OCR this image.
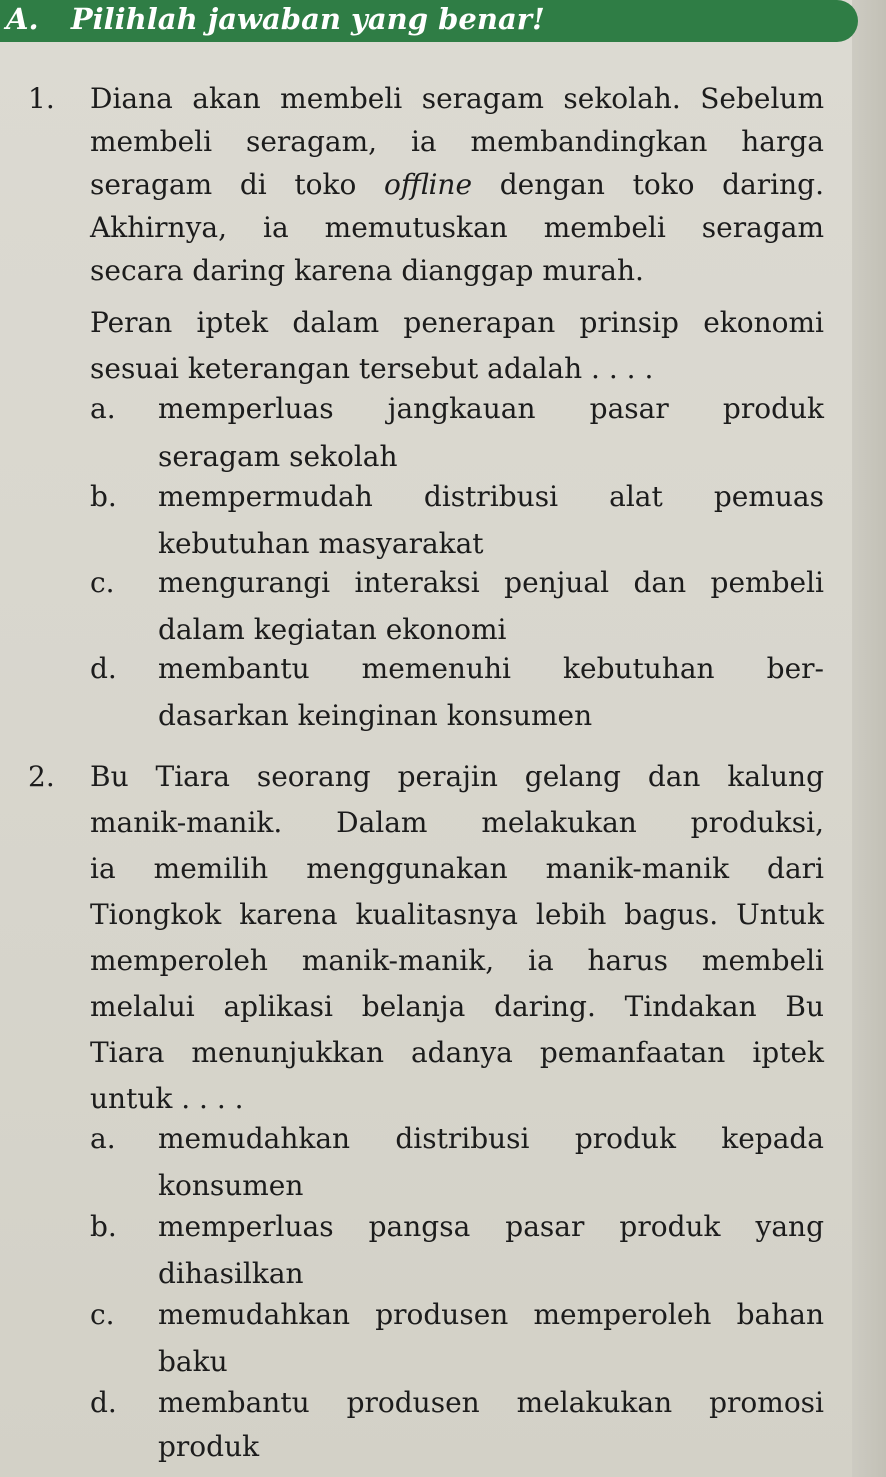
A. Pilihlah jawaban yang benar!
1. Diana akan membeli seragam sekolah. Sebelum
membeli seragam, ia membandingkan harga
seragam di toko offline dengan toko daring.
Akhirnya, ia memutuskan membeli seragam
secara daring karena dianggap murah.
Peran iptek dalam penerapan prinsip ekonomi
sesuai keterangan tersebut adalah . . . .
a. memperluas jangkauan pasar produk
seragam sekolah
b. mempermudah distribusi alat pemuas
kebutuhan masyarakat
c. mengurangi interaksi penjual dan pembeli
dalam kegiatan ekonomi
d. membantu memenuhi kebutuhan ber-
dasarkan keinginan konsumen
2. Bu Tiara seorang perajin gelang dan kalung
manik-manik. Dalam melakukan produksi,
ia memilih menggunakan manik-manik dari
Tiongkok karena kualitasnya lebih bagus. Untuk
memperoleh manik-manik, ia harus membeli
melalui aplikasi belanja daring. Tindakan Bu
Tiara menunjukkan adanya pemanfaatan iptek
untuk . . . .
a. memudahkan distribusi produk kepada
konsumen
b. memperluas pangsa pasar produk yang
dihasilkan
c. memudahkan produsen memperoleh bahan
baku
d. membantu produsen melakukan promosi
produk
